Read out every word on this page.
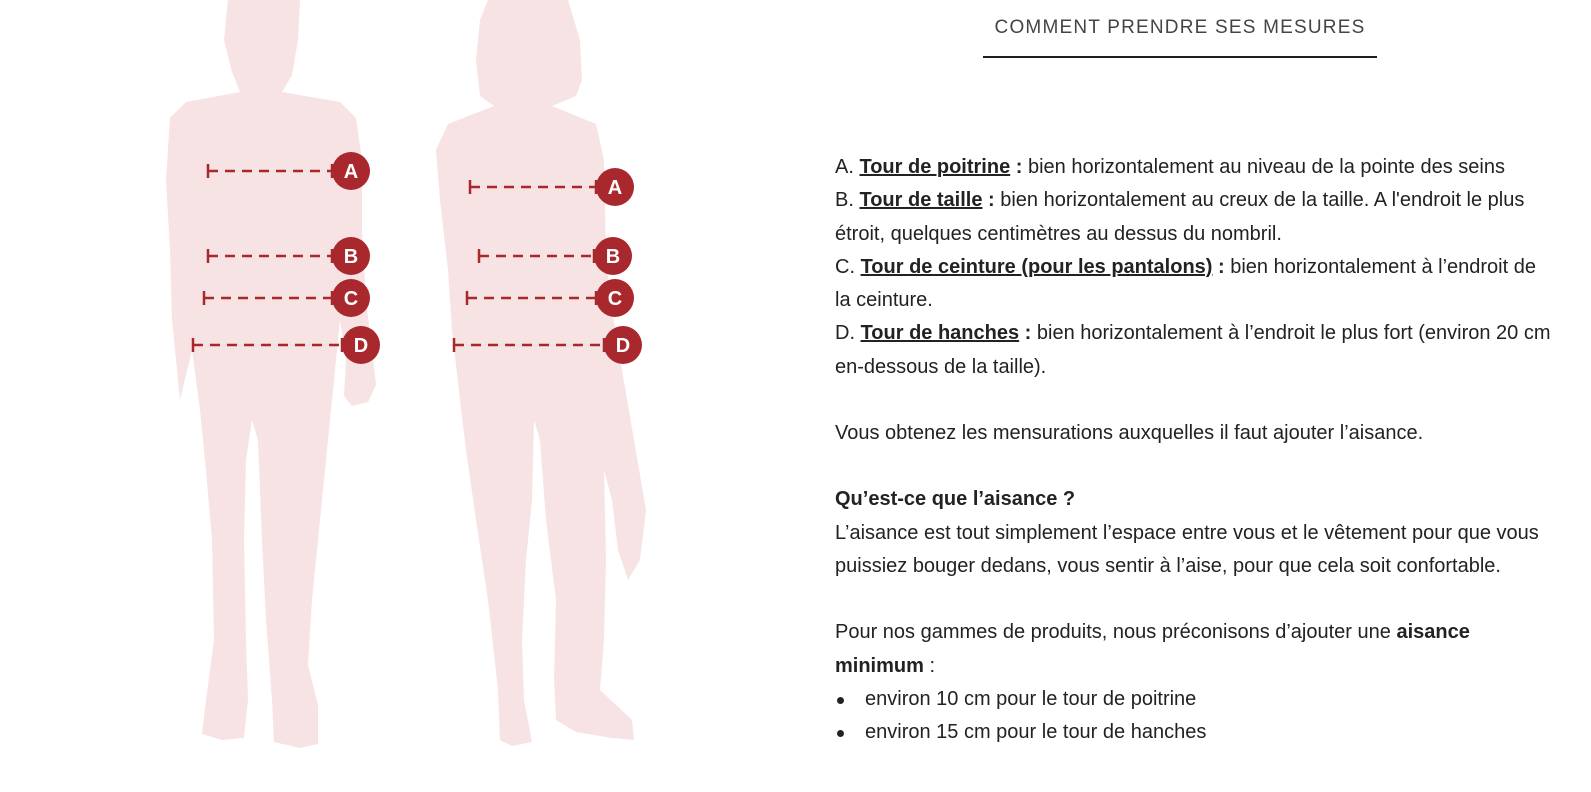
A
B
C
D
A
B
C
D
COMMENT PRENDRE SES MESURES

A. Tour de poitrine : bien horizontalement au niveau de la pointe des seins

B. Tour de taille : bien horizontalement au creux de la taille. A l'endroit le plus étroit, quelques centimètres au dessus du nombril.

C. Tour de ceinture (pour les pantalons) : bien horizontalement à l’endroit de la ceinture.

D. Tour de hanches : bien horizontalement à l’endroit le plus fort (environ 20 cm en-dessous de la taille).

Vous obtenez les mensurations auxquelles il faut ajouter l’aisance.

Qu’est-ce que l’aisance ?

L’aisance est tout simplement l’espace entre vous et le vêtement pour que vous puissiez bouger dedans, vous sentir à l’aise, pour que cela soit confortable.

Pour nos gammes de produits, nous préconisons d’ajouter une aisance minimum :

environ 10 cm pour le tour de poitrine
environ 15 cm pour le tour de hanches
